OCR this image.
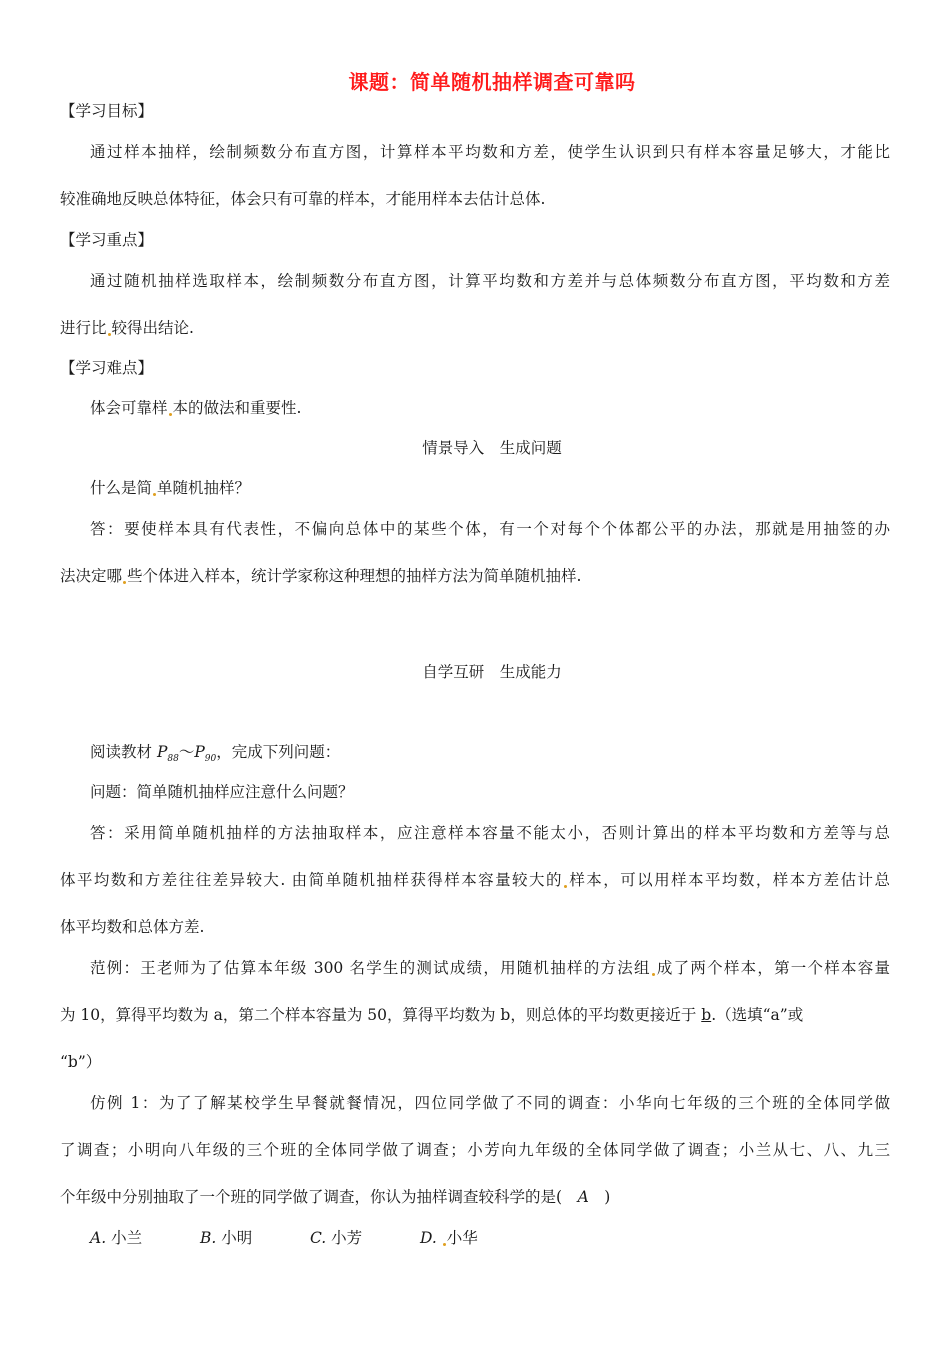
课题：简单随机抽样调查可靠吗
【学习目标】
通过样本抽样，绘制频数分布直方图，计算样本平均数和方差，使学生认识到只有样本容量足够大，才能比
较准确地反映总体特征，体会只有可靠的样本，才能用样本去估计总体.
【学习重点】
通过随机抽样选取样本，绘制频数分布直方图，计算平均数和方差并与总体频数分布直方图，平均数和方差
进行比 较得出结论.
【学习难点】
体会可靠样 本的做法和重要性.
情景导入　生成问题
什么是简 单随机抽样？
答：要使样本具有代表性，不偏向总体中的某些个体，有一个对每个个体都公平的办法，那就是用抽签的办
法决定哪 些个体进入样本，统计学家称这种理想的抽样方法为简单随机抽样.
自学互研　生成能力
阅读教材 $P_{88}\sim P_{90}$，完成下列问题：
问题：简单随机抽样应注意什么问题？
答：采用简单随机抽样的方法抽取样本，应注意样本容量不能太小，否则计算出的样本平均数和方差等与总
体平均数和方差往往差异较大. 由简单随机抽样获得样本容量较大的 样本，可以用样本平均数，样本方差估计总
体平均数和总体方差.
范例：王老师为了估算本年级 300 名学生的测试成绩，用随机抽样的方法组 成了两个样本，第一个样本容量
为 10，算得平均数为 a，第二个样本容量为 50，算得平均数为 b，则总体的平均数更接近于 b.（选填“a”或
“b”）
仿例 1：为了了解某校学生早餐就餐情况，四位同学做了不同的调查：小华向七年级的三个班的全体同学做
了调查；小明向八年级的三个班的全体同学做了调查；小芳向九年级的全体同学做了调查；小兰从七、八、九三
个年级中分别抽取了一个班的同学做了调查，你认为抽样调查较科学的是(　A　)
A. 小兰	B. 小明	C. 小芳	D. 小华
